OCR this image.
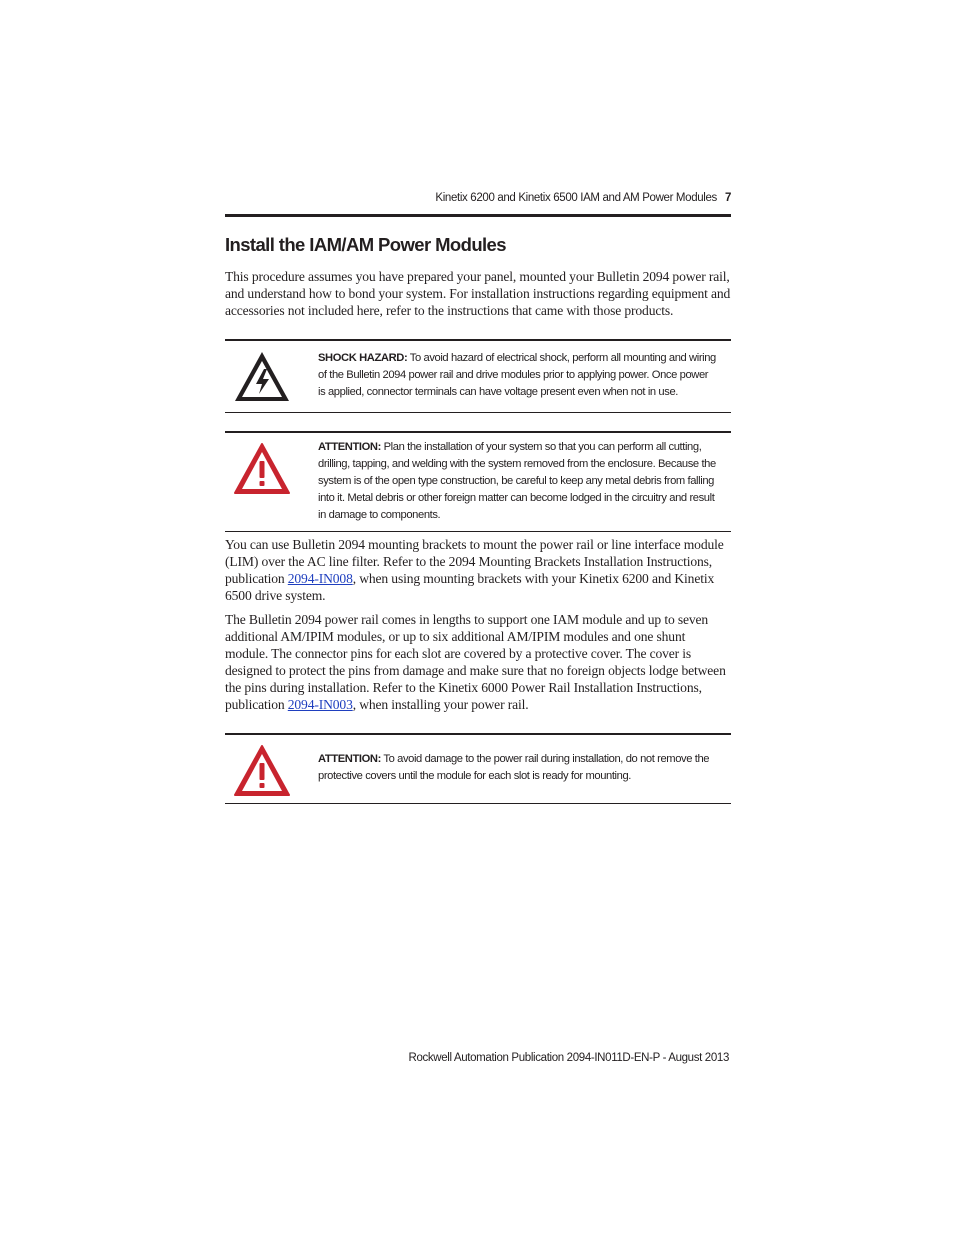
Kinetix 6200 and Kinetix 6500 IAM and AM Power Modules 7
Install the IAM/AM Power Modules

This procedure assumes you have prepared your panel, mounted your Bulletin 2094 power rail, and understand how to bond your system. For installation instructions regarding equipment and accessories not included here, refer to the instructions that came with those products.

SHOCK HAZARD: To avoid hazard of electrical shock, perform all mounting and wiring of the Bulletin 2094 power rail and drive modules prior to applying power. Once power is applied, connector terminals can have voltage present even when not in use.
ATTENTION: Plan the installation of your system so that you can perform all cutting, drilling, tapping, and welding with the system removed from the enclosure. Because the system is of the open type construction, be careful to keep any metal debris from falling into it. Metal debris or other foreign matter can become lodged in the circuitry and result in damage to components.

You can use Bulletin 2094 mounting brackets to mount the power rail or line interface module (LIM) over the AC line filter. Refer to the 2094 Mounting Brackets Installation Instructions, publication 2094-IN008, when using mounting brackets with your Kinetix 6200 and Kinetix 6500 drive system.

The Bulletin 2094 power rail comes in lengths to support one IAM module and up to seven additional AM/IPIM modules, or up to six additional AM/IPIM modules and one shunt module. The connector pins for each slot are covered by a protective cover. The cover is designed to protect the pins from damage and make sure that no foreign objects lodge between the pins during installation. Refer to the Kinetix 6000 Power Rail Installation Instructions, publication 2094-IN003, when installing your power rail.

ATTENTION: To avoid damage to the power rail during installation, do not remove the protective covers until the module for each slot is ready for mounting.
Rockwell Automation Publication 2094-IN011D-EN-P - August 2013
